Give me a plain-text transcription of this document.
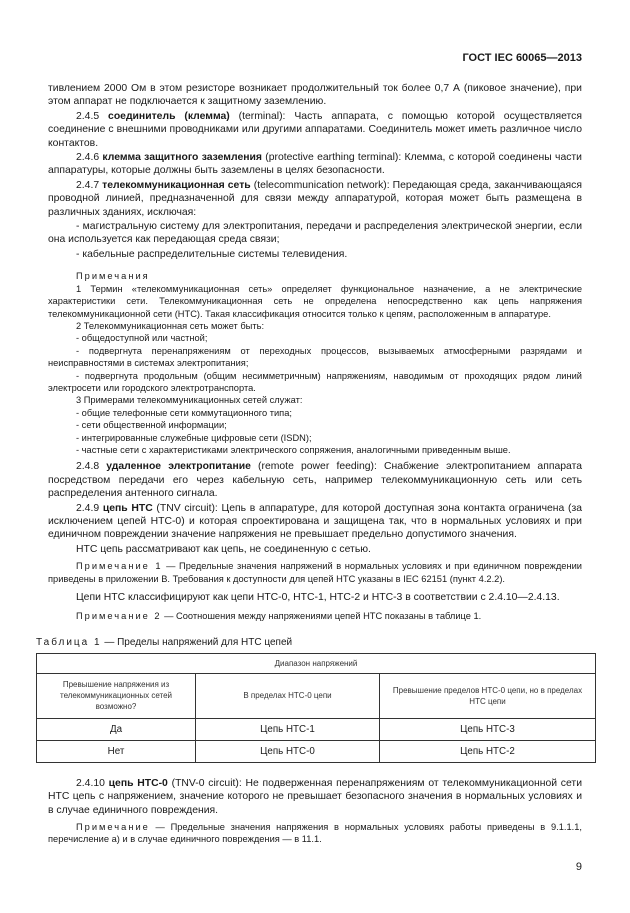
ГОСТ IEC 60065—2013

тивлением 2000 Ом в этом резисторе возникает продолжительный ток более 0,7 А (пиковое значение), при этом аппарат не подключается к защитному заземлению.

2.4.5 соединитель (клемма) (terminal): Часть аппарата, с помощью которой осуществляется соединение с внешними проводниками или другими аппаратами. Соединитель может иметь различное число контактов.

2.4.6 клемма защитного заземления (protective earthing terminal): Клемма, с которой соединены части аппаратуры, которые должны быть заземлены в целях безопасности.

2.4.7 телекоммуникационная сеть (telecommunication network): Передающая среда, заканчивающаяся проводной линией, предназначенной для связи между аппаратурой, которая может быть размещена в различных зданиях, исключая:

- магистральную систему для электропитания, передачи и распределения электрической энергии, если она используется как передающая среда связи;

- кабельные распределительные системы телевидения.

Примечания

1 Термин «телекоммуникационная сеть» определяет функциональное назначение, а не электрические характеристики сети. Телекоммуникационная сеть не определена непосредственно как цепь напряжения телекоммуникационной сети (НТС). Такая классификация относится только к цепям, расположенным в аппаратуре.

2 Телекоммуникационная сеть может быть:

- общедоступной или частной;

- подвергнута перенапряжениям от переходных процессов, вызываемых атмосферными разрядами и неисправностями в системах электропитания;

- подвергнута продольным (общим несимметричным) напряжениям, наводимым от проходящих рядом линий электросети или городского электротранспорта.

3 Примерами телекоммуникационных сетей служат:

- общие телефонные сети коммутационного типа;

- сети общественной информации;

- интегрированные служебные цифровые сети (ISDN);

- частные сети с характеристиками электрического сопряжения, аналогичными приведенным выше.

2.4.8 удаленное электропитание (remote power feeding): Снабжение электропитанием аппарата посредством передачи его через кабельную сеть, например телекоммуникационную сеть или сеть распределения антенного сигнала.

2.4.9 цепь НТС (TNV circuit): Цепь в аппаратуре, для которой доступная зона контакта ограничена (за исключением цепей НТС-0) и которая спроектирована и защищена так, что в нормальных условиях и при единичном повреждении значение напряжения не превышает предельно допустимого значения.

НТС цепь рассматривают как цепь, не соединенную с сетью.

Примечание 1 — Предельные значения напряжений в нормальных условиях и при единичном повреждении приведены в приложении В. Требования к доступности для цепей НТС указаны в IEC 62151 (пункт 4.2.2).

Цепи НТС классифицируют как цепи НТС-0, НТС-1, НТС-2 и НТС-3 в соответствии с 2.4.10—2.4.13.

Примечание 2 — Соотношения между напряжениями цепей НТС показаны в таблице 1.

Таблица 1 — Пределы напряжений для НТС цепей
Диапазон напряжений		
Превышение напряжения из телекоммуникационных сетей возможно?	В пределах НТС-0 цепи	Превышение пределов НТС-0 цепи, но в пределах НТС цепи
Да	Цепь НТС-1	Цепь НТС-3
Нет	Цепь НТС-0	Цепь НТС-2

2.4.10 цепь НТС-0 (TNV-0 circuit): Не подверженная перенапряжениям от телекоммуникационной сети НТС цепь с напряжением, значение которого не превышает безопасного значения в нормальных условиях и в случае единичного повреждения.

Примечание — Предельные значения напряжения в нормальных условиях работы приведены в 9.1.1.1, перечисление а) и в случае единичного повреждения — в 11.1.

9
